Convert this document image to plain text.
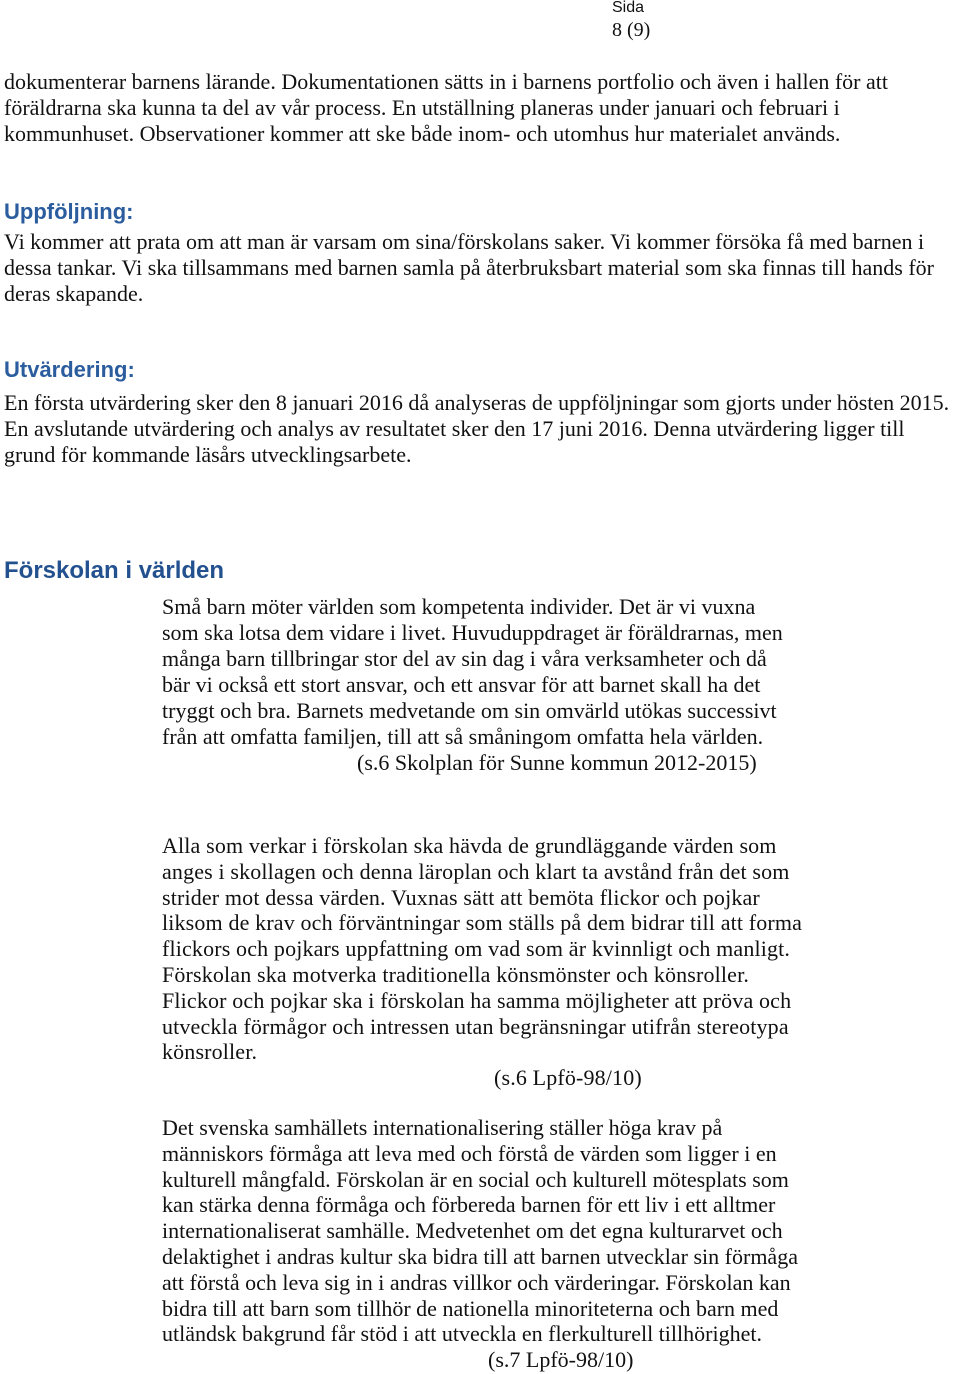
Sida
8 (9)
dokumenterar barnens lärande. Dokumentationen sätts in i barnens portfolio och även i hallen för att
föräldrarna ska kunna ta del av vår process. En utställning planeras under januari och februari i
kommunhuset. Observationer kommer att ske både inom- och utomhus hur materialet används.
Uppföljning:
Vi kommer att prata om att man är varsam om sina/förskolans saker. Vi kommer försöka få med barnen i
dessa tankar. Vi ska tillsammans med barnen samla på återbruksbart material som ska finnas till hands för
deras skapande.
Utvärdering:
En första utvärdering sker den 8 januari 2016 då analyseras de uppföljningar som gjorts under hösten 2015.
En avslutande utvärdering och analys av resultatet sker den 17 juni 2016. Denna utvärdering ligger till
grund för kommande läsårs utvecklingsarbete.
Förskolan i världen
Små barn möter världen som kompetenta individer. Det är vi vuxna
som ska lotsa dem vidare i livet. Huvuduppdraget är föräldrarnas, men
många barn tillbringar stor del av sin dag i våra verksamheter och då
bär vi också ett stort ansvar, och ett ansvar för att barnet skall ha det
tryggt och bra. Barnets medvetande om sin omvärld utökas successivt
från att omfatta familjen, till att så småningom omfatta hela världen.
(s.6 Skolplan för Sunne kommun 2012-2015)
Alla som verkar i förskolan ska hävda de grundläggande värden som
anges i skollagen och denna läroplan och klart ta avstånd från det som
strider mot dessa värden. Vuxnas sätt att bemöta flickor och pojkar
liksom de krav och förväntningar som ställs på dem bidrar till att forma
flickors och pojkars uppfattning om vad som är kvinnligt och manligt.
Förskolan ska motverka traditionella könsmönster och könsroller.
Flickor och pojkar ska i förskolan ha samma möjligheter att pröva och
utveckla förmågor och intressen utan begränsningar utifrån stereotypa
könsroller.
(s.6 Lpfö-98/10)
Det svenska samhällets internationalisering ställer höga krav på
människors förmåga att leva med och förstå de värden som ligger i en
kulturell mångfald. Förskolan är en social och kulturell mötesplats som
kan stärka denna förmåga och förbereda barnen för ett liv i ett alltmer
internationaliserat samhälle. Medvetenhet om det egna kulturarvet och
delaktighet i andras kultur ska bidra till att barnen utvecklar sin förmåga
att förstå och leva sig in i andras villkor och värderingar. Förskolan kan
bidra till att barn som tillhör de nationella minoriteterna och barn med
utländsk bakgrund får stöd i att utveckla en flerkulturell tillhörighet.
(s.7 Lpfö-98/10)
